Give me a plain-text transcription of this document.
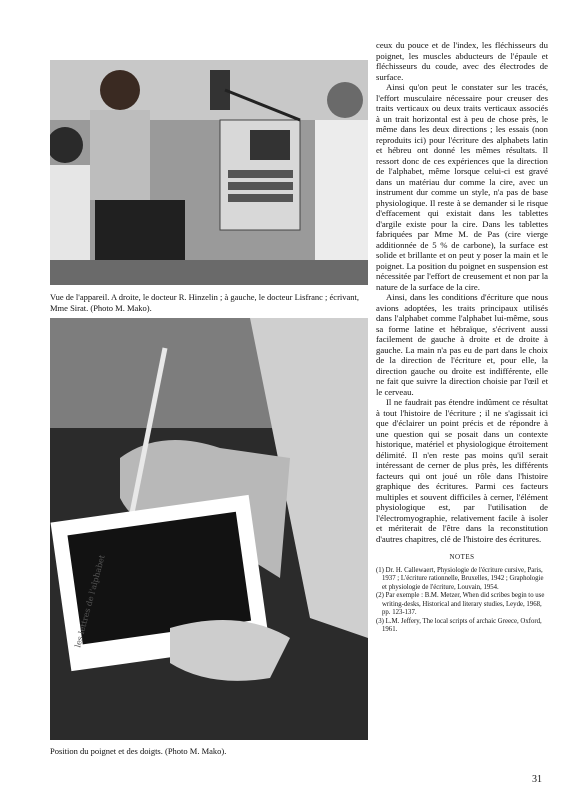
Vue de l'appareil. A droite, le docteur R. Hinzelin ; à gauche, le docteur Lisfranc ; écrivant, Mme Sirat. (Photo M. Mako).
les lettres de l'alphabet
Position du poignet et des doigts. (Photo M. Mako).

ceux du pouce et de l'index, les fléchisseurs du poignet, les muscles abducteurs de l'épaule et fléchisseurs du coude, avec des électrodes de surface.

Ainsi qu'on peut le constater sur les tracés, l'effort musculaire nécessaire pour creuser des traits verticaux ou deux traits verticaux associés à un trait horizontal est à peu de chose près, le même dans les deux directions ; les essais (non reproduits ici) pour l'écriture des alphabets latin et hébreu ont donné les mêmes résultats. Il ressort donc de ces expériences que la direction de l'alphabet, même lorsque celui-ci est gravé dans un matériau dur comme la cire, avec un instrument dur comme un style, n'a pas de base physiologique. Il reste à se demander si le risque d'effacement qui existait dans les tablettes d'argile existe pour la cire. Dans les tablettes fabriquées par Mme M. de Pas (cire vierge additionnée de 5 % de carbone), la surface est solide et brillante et on peut y poser la main et le poignet. La position du poignet en suspension est nécessitée par l'effort de creusement et non par la nature de la surface de la cire.

Ainsi, dans les conditions d'écriture que nous avions adoptées, les traits principaux utilisés dans l'alphabet comme l'alphabet lui-même, sous sa forme latine et hébraïque, s'écrivent aussi facilement de gauche à droite et de droite à gauche. La main n'a pas eu de part dans le choix de la direction de l'écriture et, pour elle, la direction gauche ou droite est indifférente, elle ne fait que suivre la direction choisie par l'œil et le cerveau.

Il ne faudrait pas étendre indûment ce résultat à tout l'histoire de l'écriture ; il ne s'agissait ici que d'éclairer un point précis et de répondre à une question qui se posait dans un contexte historique, matériel et physiologique étroitement délimité. Il n'en reste pas moins qu'il serait intéressant de cerner de plus près, les différents facteurs qui ont joué un rôle dans l'histoire graphique des écritures. Parmi ces facteurs multiples et souvent difficiles à cerner, l'élément physiologique est, par l'utilisation de l'électromyographie, relativement facile à isoler et mériterait de l'être dans la reconstitution d'autres chapitres, clé de l'histoire des écritures.

NOTES
(1) Dr. H. Callewaert, Physiologie de l'écriture cursive, Paris, 1937 ; L'écriture rationnelle, Bruxelles, 1942 ; Graphologie et physiologie de l'écriture, Louvain, 1954.
(2) Par exemple : B.M. Metzer, When did scribes begin to use writing-desks, Historical and literary studies, Leyde, 1968, pp. 123-137.
(3) L.M. Jeffery, The local scripts of archaic Greece, Oxford, 1961.
31
